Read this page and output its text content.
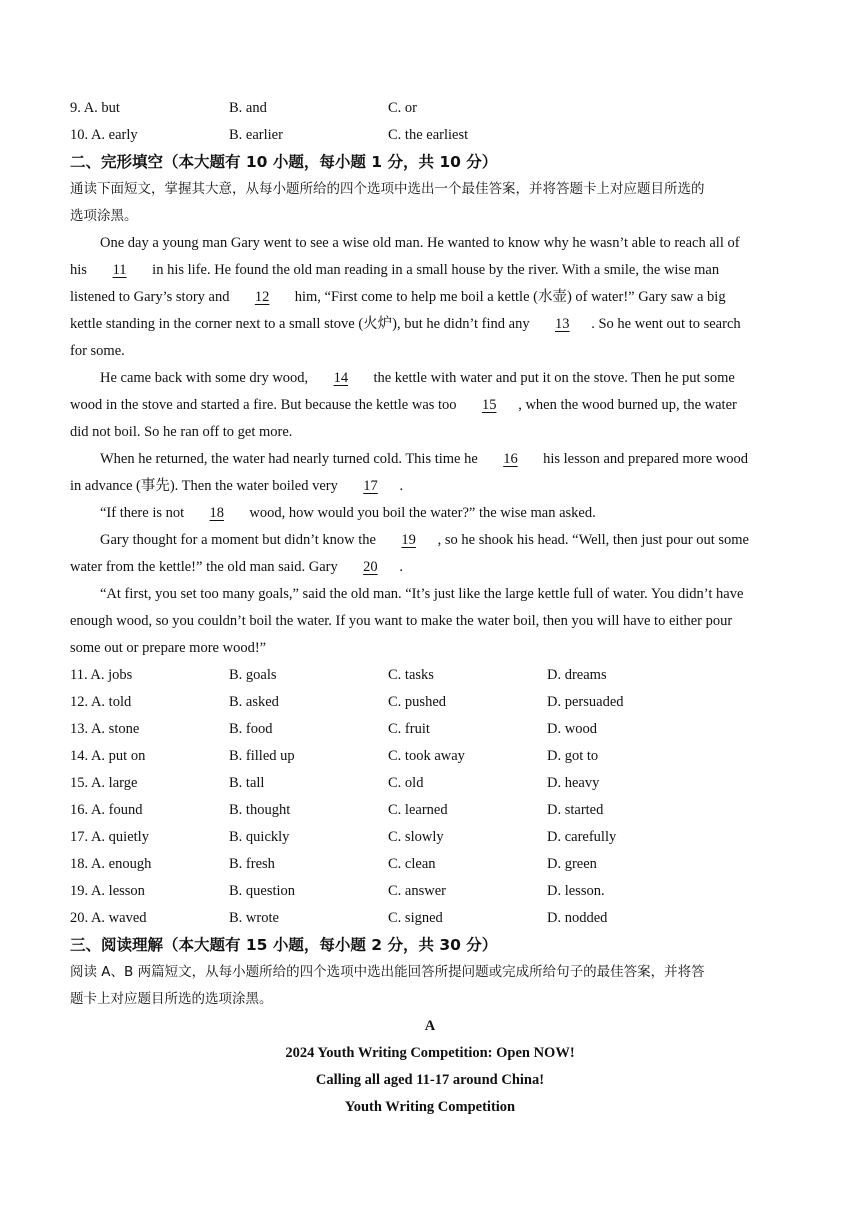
9. A. but	B. and	C. or
10. A. early	B. earlier	C. the earliest
二、完形填空（本大题有 10 小题，每小题 1 分，共 10 分）
通读下面短文，掌握其大意，从每小题所给的四个选项中选出一个最佳答案，并将答题卡上对应题目所选的
选项涂黑。
One day a young man Gary went to see a wise old man. He wanted to know why he wasn’t able to reach all of
his 11 in his life. He found the old man reading in a small house by the river. With a smile, the wise man
listened to Gary’s story and 12 him, “First come to help me boil a kettle (水壶) of water!” Gary saw a big
kettle standing in the corner next to a small stove (火炉), but he didn’t find any 13 . So he went out to search
for some.
He came back with some dry wood, 14 the kettle with water and put it on the stove. Then he put some
wood in the stove and started a fire. But because the kettle was too 15 , when the wood burned up, the water
did not boil. So he ran off to get more.
When he returned, the water had nearly turned cold. This time he 16 his lesson and prepared more wood
in advance (事先). Then the water boiled very 17 .
“If there is not 18 wood, how would you boil the water?” the wise man asked.
Gary thought for a moment but didn’t know the 19 , so he shook his head. “Well, then just pour out some
water from the kettle!” the old man said. Gary 20 .
“At first, you set too many goals,” said the old man. “It’s just like the large kettle full of water. You didn’t have
enough wood, so you couldn’t boil the water. If you want to make the water boil, then you will have to either pour
some out or prepare more wood!”
11. A. jobs	B. goals	C. tasks	D. dreams
12. A. told	B. asked	C. pushed	D. persuaded
13. A. stone	B. food	C. fruit	D. wood
14. A. put on	B. filled up	C. took away	D. got to
15. A. large	B. tall	C. old	D. heavy
16. A. found	B. thought	C. learned	D. started
17. A. quietly	B. quickly	C. slowly	D. carefully
18. A. enough	B. fresh	C. clean	D. green
19. A. lesson	B. question	C. answer	D. lesson.
20. A. waved	B. wrote	C. signed	D. nodded
三、阅读理解（本大题有 15 小题，每小题 2 分，共 30 分）
阅读 A、B 两篇短文，从每小题所给的四个选项中选出能回答所提问题或完成所给句子的最佳答案，并将答
题卡上对应题目所选的选项涂黑。
A
2024 Youth Writing Competition: Open NOW!
Calling all aged 11-17 around China!
Youth Writing Competition
